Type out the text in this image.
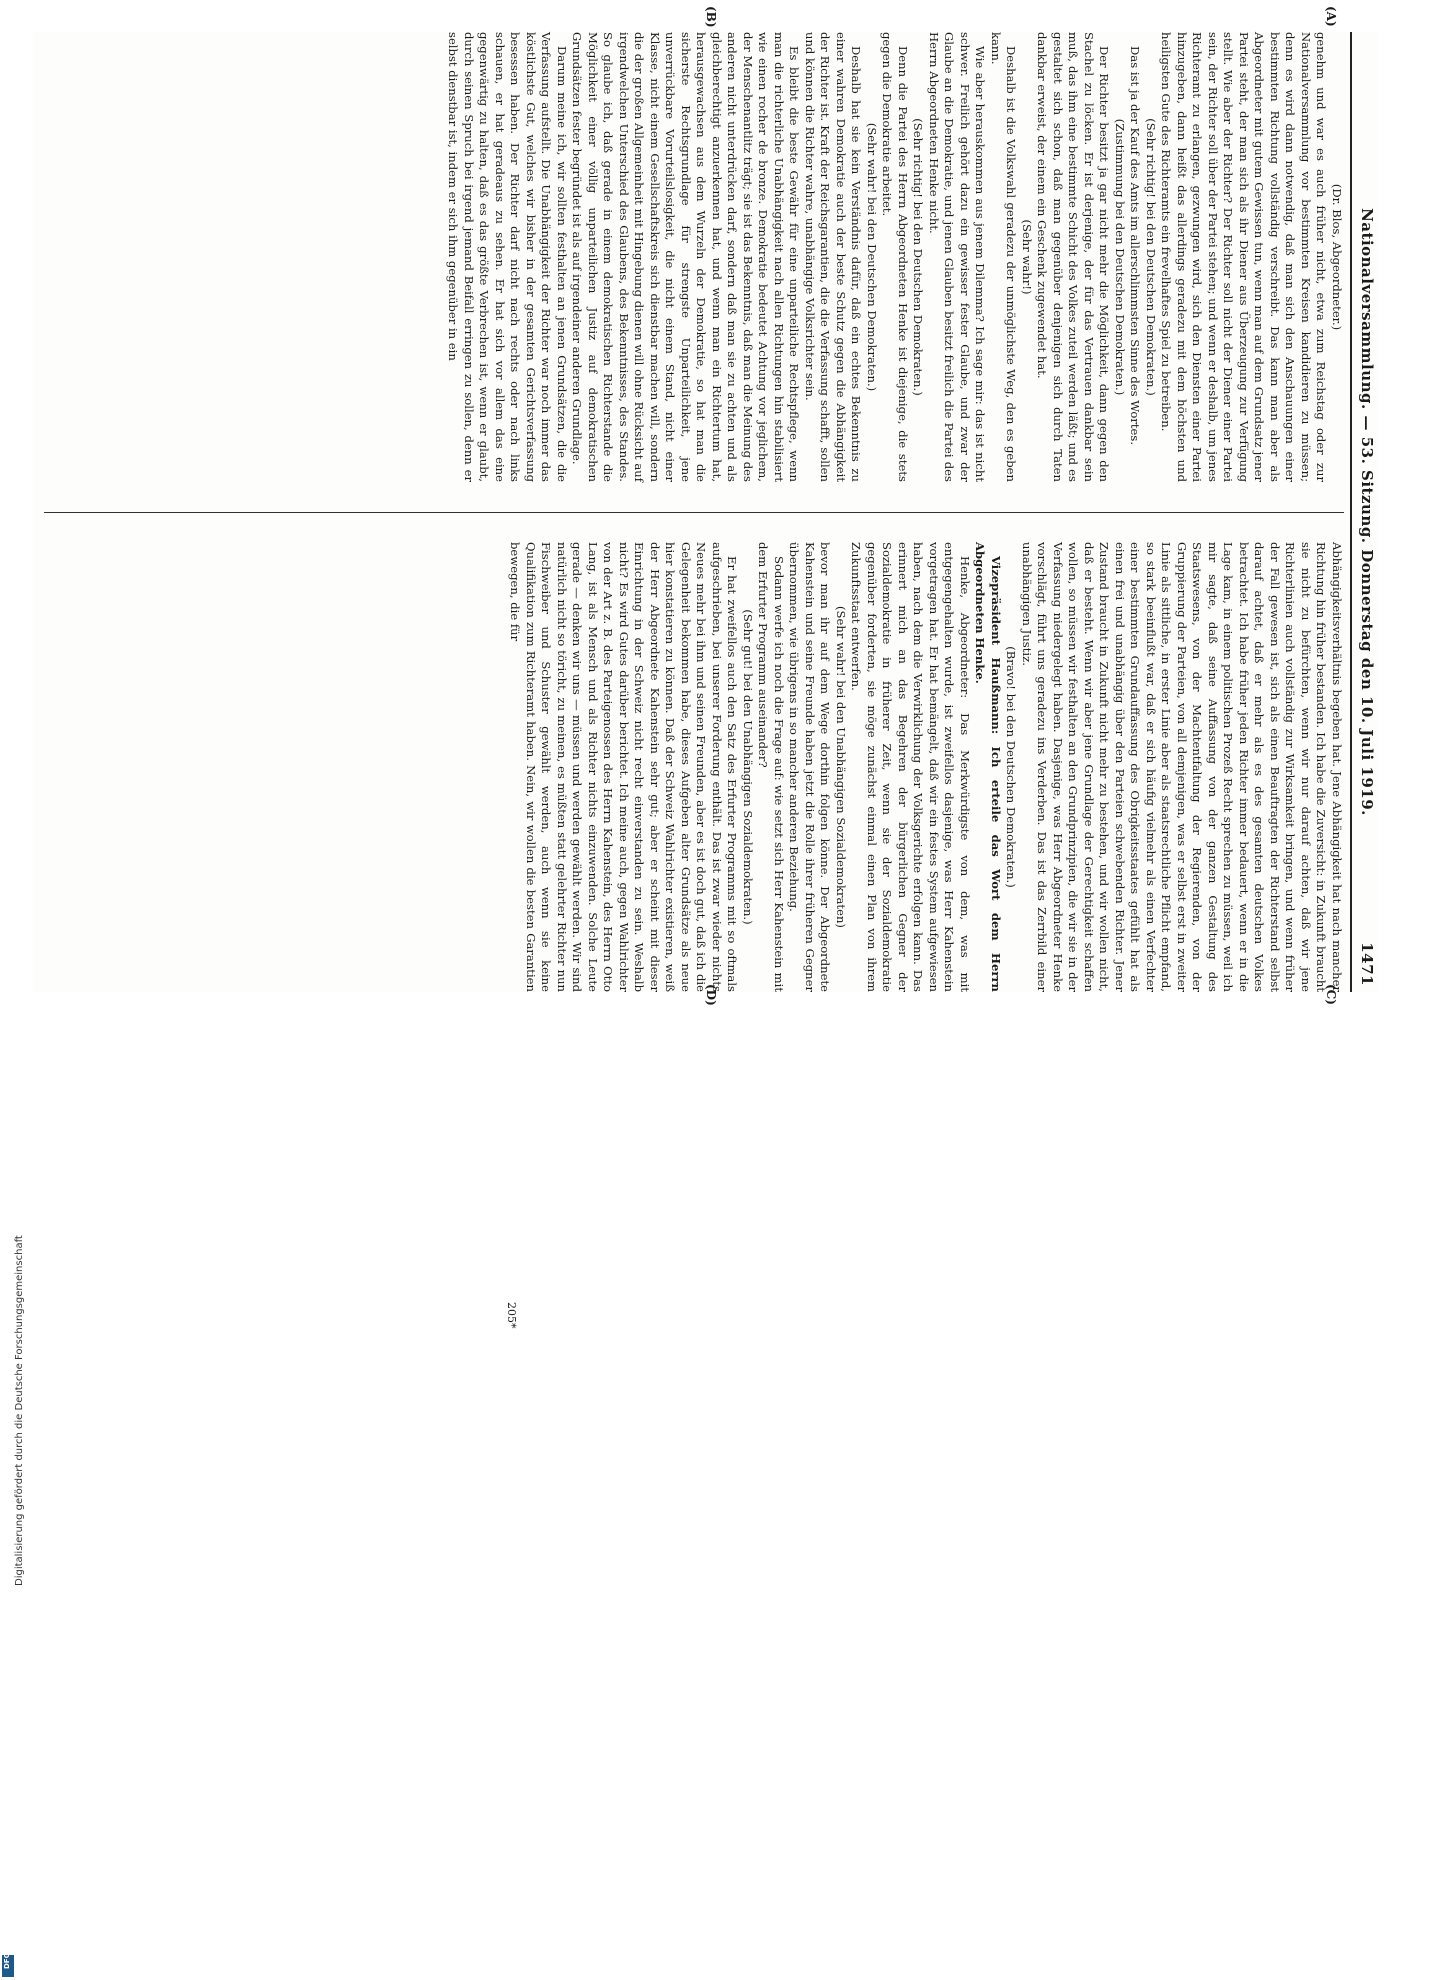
Nationalversammlung. — 53. Sitzung. Donnerstag den 10. Juli 1919.
1471

(Dr. Blos, Abgeordneter.)

genehm und war es auch früher nicht, etwa zum Reichstag oder zur Nationalversammlung vor bestimmten Kreisen kandidieren zu müssen; denn es wird dann notwendig, daß man sich den Anschauungen einer bestimmten Richtung vollständig verschreibt. Das kann man aber als Abgeordneter mit gutem Gewissen tun, wenn man auf dem Grundsatz jener Partei steht, der man sich als ihr Diener aus Überzeugung zur Verfügung stellt. Wie aber der Richter? Der Richter soll nicht der Diener einer Partei sein, der Richter soll über der Partei stehen; und wenn er deshalb, um jenes Richteramt zu erlangen, gezwungen wird, sich den Diensten einer Partei hinzugeben, dann heißt das allerdings geradezu mit dem höchsten und heiligsten Gute des Richteramts ein frevelhaftes Spiel zu betreiben.

(Sehr richtig! bei den Deutschen Demokraten.)

Das ist ja der Kauf des Amts im allerschlimmsten Sinne des Wortes.

(Zustimmung bei den Deutschen Demokraten.)

Der Richter besitzt ja gar nicht mehr die Möglichkeit, dann gegen den Stachel zu löcken. Er ist derjenige, der für das Vertrauen dankbar sein muß, das ihm eine bestimmte Schicht des Volkes zuteil werden läßt; und es gestaltet sich schon, daß man gegenüber denjenigen sich durch Taten dankbar erweist, der einem ein Geschenk zugewendet hat.

(Sehr wahr!)

Deshalb ist die Volkswahl geradezu der unmöglichste Weg, den es geben kann.

Wie aber herauskommen aus jenem Dilemma? Ich sage mir: das ist nicht schwer. Freilich gehört dazu ein gewisser fester Glaube, und zwar der Glaube an die Demokratie, und jenen Glauben besitzt freilich die Partei des Herrn Abgeordneten Henke nicht.

(Sehr richtig! bei den Deutschen Demokraten.)

Denn die Partei des Herrn Abgeordneten Henke ist diejenige, die stets gegen die Demokratie arbeitet.

(Sehr wahr! bei den Deutschen Demokraten.)

Deshalb hat sie kein Verständnis dafür, daß ein echtes Bekenntnis zu einer wahren Demokratie auch der beste Schutz gegen die Abhängigkeit der Richter ist. Kraft der Reichsgarantien, die die Verfassung schafft, sollen und können die Richter wahre, unabhängige Volksrichter sein.

Es bleibt die beste Gewähr für eine unparteiliche Rechtspflege, wenn man die richterliche Unabhängigkeit nach allen Richtungen hin stabilisiert wie einen rocher de bronze. Demokratie bedeutet Achtung vor jeglichem, der Menschenantlitz trägt; sie ist das Bekenntnis, daß man die Meinung des anderen nicht unterdrücken darf, sondern daß man sie zu achten und als gleichberechtigt anzuerkennen hat, und wenn man ein Richtertum hat, herausgewachsen aus dem Wurzeln der Demokratie, so hat man die sicherste Rechtsgrundlage für strengste Unparteilichkeit, jene unverrückbare Vorurteilslosigkeit, die nicht einem Stand, nicht einer Klasse, nicht einem Gesellschaftskreis sich dienstbar machen will, sondern die der großen Allgemeinheit mit Hingebung dienen will ohne Rücksicht auf irgendwelchen Unterschied des Glaubens, des Bekenntnisses, des Standes. So glaube ich, daß gerade in einem demokratischen Richterstande die Möglichkeit einer völlig unparteilichen Justiz auf demokratischen Grundsätzen fester begründet ist als auf irgendeiner anderen Grundlage.

Darum meine ich, wir sollten festhalten an jenen Grundsätzen, die die Verfassung aufstellt. Die Unabhängigkeit der Richter war noch immer das köstlichste Gut, welches wir bisher in der gesamten Gerichtsverfassung besessen haben. Der Richter darf nicht nach rechts oder nach links schauen, er hat geradeaus zu sehen. Er hat sich vor allem das eine gegenwärtig zu halten, daß es das größte Verbrechen ist, wenn er glaubt, durch seinen Spruch bei irgend jemand Beifall erringen zu sollen, denn er selbst dienstbar ist, indem er sich ihm gegenüber in ein

Abhängigkeitsverhältnis begeben hat. Jene Abhängigkeit hat nach mancher Richtung hin früher bestanden. Ich habe die Zuversicht: in Zukunft braucht sie nicht zu befürchten, wenn wir nur darauf achten, daß wir jene Richterlinien auch vollständig zur Wirksamkeit bringen, und wenn früher der Fall gewesen ist, sich als einen Beauftragten der Richterstand selbst darauf achtet, daß er mehr als es des gesamten deutschen Volkes betrachtet. Ich habe früher jeden Richter immer bedauert, wenn er in die Lage kam, in einem politischen Prozeß Recht sprechen zu müssen, weil ich mir sagte, daß seine Auffassung von der ganzen Gestaltung des Staatswesens, von der Machtentfaltung der Regierenden, von der Gruppierung der Parteien, von all demjenigen, was er selbst erst in zweiter Linie als sittliche, in erster Linie aber als staatsrechtliche Pflicht empfand, so stark beeinflußt war, daß er sich häufig vielmehr als einen Verfechter einer bestimmten Grundauffassung des Obrigkeitsstaates gefühlt hat als einen frei und unabhängig über den Parteien schwebenden Richter. Jener Zustand braucht in Zukunft nicht mehr zu bestehen, und wir wollen nicht, daß er besteht. Wenn wir aber jene Grundlage der Gerechtigkeit schaffen wollen, so müssen wir festhalten an den Grundprinzipien, die wir sie in der Verfassung niedergelegt haben. Dasjenige, was Herr Abgeordneter Henke vorschlägt, führt uns geradezu ins Verderben. Das ist das Zerrbild einer unabhängigen Justiz.

(Bravo! bei den Deutschen Demokraten.)

Vizepräsident Haußmann: Ich erteile das Wort dem Herrn Abgeordneten Henke.

Henke, Abgeordneter: Das Merkwürdigste von dem, was mit entgegengehalten wurde, ist zweifellos dasjenige, was Herr Kahenstein vorgetragen hat. Er hat bemängelt, daß wir ein festes System aufgewiesen haben, nach dem die Verwirklichung der Volksgerichte erfolgen kann. Das erinnert mich an das Begehren der bürgerlichen Gegner der Sozialdemokratie in früherer Zeit, wenn sie der Sozialdemokratie gegenüber forderten, sie möge zunächst einmal einen Plan von ihrem Zukunftsstaat entwerfen.

(Sehr wahr! bei den Unabhängigen Sozialdemokraten)

bevor man ihr auf dem Wege dorthin folgen könne. Der Abgeordnete Kahenstein und seine Freunde haben jetzt die Rolle ihrer früheren Gegner übernommen, wie übrigens in so mancher anderen Beziehung.

Sodann werfe ich noch die Frage auf: wie setzt sich Herr Kahenstein mit dem Erfurter Programm auseinander?

(Sehr gut! bei den Unabhängigen Sozialdemokraten.)

Er hat zweifellos auch den Satz des Erfurter Programms mit so oftmals aufgeschrieben, bei unserer Forderung enthält. Das ist zwar wieder nichts Neues mehr bei ihm und seinen Freunden, aber es ist doch gut, daß ich die Gelegenheit bekommen habe, dieses Aufgeben alter Grundsätze als neue hier konstatieren zu können. Daß der Schweiz Wahlrichter existieren, weiß der Herr Abgeordnete Kahenstein sehr gut; aber er scheint mit dieser Einrichtung in der Schweiz nicht recht einverstanden zu sein. Weshalb nicht? Es wird Gutes darüber berichtet. Ich meine auch, gegen Wahlrichter von der Art z. B. des Parteigenossen des Herrn Kahenstein, des Herrn Otto Lang, ist als Mensch und als Richter nichts einzuwenden. Solche Leute gerade — denken wir uns — müssen und werden gewählt werden. Wir sind natürlich nicht so töricht, zu meinen, es müßten statt gelehrter Richter nun Fischweiber und Schuster gewählt werden, auch wenn sie keine Qualifikation zum Richteramt haben. Nein, wir wollen die besten Garantien bewegen, die für

(A)
(B)
(C)
(D)
205*
Digitalisierung gefördert durch die Deutsche Forschungsgemeinschaft
DFG
